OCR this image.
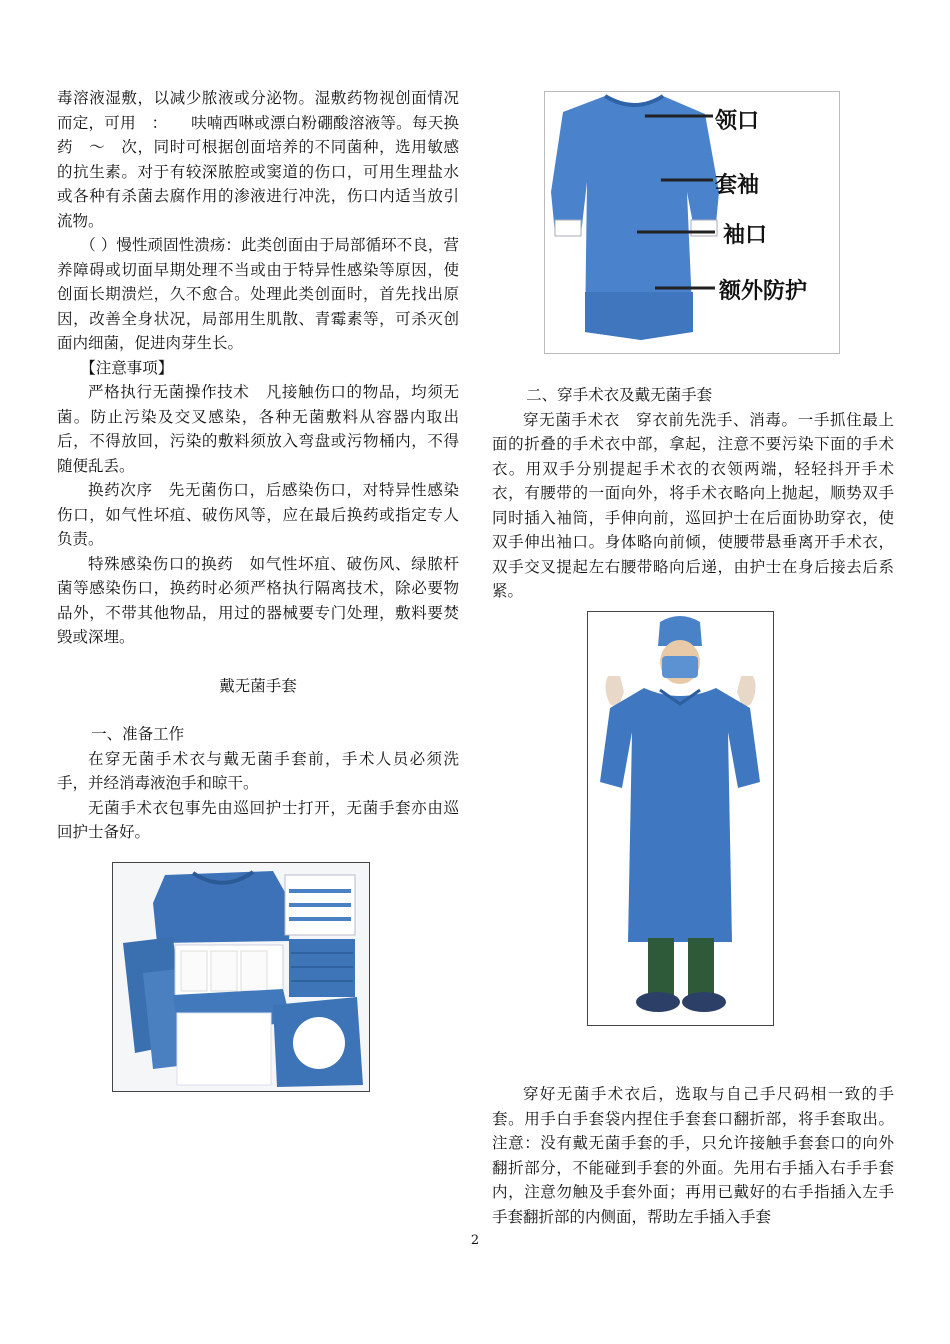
毒溶液湿敷，以减少脓液或分泌物。湿敷药物视创面情况而定，可用　：　　呋喃西啉或漂白粉硼酸溶液等。每天换药　～　次，同时可根据创面培养的不同菌种，选用敏感的抗生素。对于有较深脓腔或窦道的伤口，可用生理盐水或各种有杀菌去腐作用的渗液进行冲洗，伤口内适当放引流物。

（ ）慢性顽固性溃疡：此类创面由于局部循环不良，营养障碍或切面早期处理不当或由于特异性感染等原因，使创面长期溃烂，久不愈合。处理此类创面时，首先找出原因，改善全身状况，局部用生肌散、青霉素等，可杀灭创面内细菌，促进肉芽生长。

【注意事项】

严格执行无菌操作技术　凡接触伤口的物品，均须无菌。防止污染及交叉感染，各种无菌敷料从容器内取出后，不得放回，污染的敷料须放入弯盘或污物桶内，不得随便乱丢。

换药次序　先无菌伤口，后感染伤口，对特异性感染伤口，如气性坏疽、破伤风等，应在最后换药或指定专人负责。

特殊感染伤口的换药　如气性坏疽、破伤风、绿脓杆菌等感染伤口，换药时必须严格执行隔离技术，除必要物品外，不带其他物品，用过的器械要专门处理，敷料要焚毁或深埋。

戴无菌手套

一、准备工作

在穿无菌手术衣与戴无菌手套前，手术人员必须洗手，并经消毒液泡手和晾干。

无菌手术衣包事先由巡回护士打开，无菌手套亦由巡回护士备好。

领口
套袖
袖口
额外防护

二、穿手术衣及戴无菌手套

穿无菌手术衣　穿衣前先洗手、消毒。一手抓住最上面的折叠的手术衣中部，拿起，注意不要污染下面的手术衣。用双手分别提起手术衣的衣领两端，轻轻抖开手术衣，有腰带的一面向外，将手术衣略向上抛起，顺势双手同时插入袖筒，手伸向前，巡回护士在后面协助穿衣，使双手伸出袖口。身体略向前倾，使腰带悬垂离开手术衣，双手交叉提起左右腰带略向后递，由护士在身后接去后系紧。

穿好无菌手术衣后，选取与自己手尺码相一致的手套。用手白手套袋内捏住手套套口翻折部，将手套取出。注意：没有戴无菌手套的手，只允许接触手套套口的向外翻折部分，不能碰到手套的外面。先用右手插入右手手套内，注意勿触及手套外面；再用已戴好的右手指插入左手手套翻折部的内侧面，帮助左手插入手套

2
